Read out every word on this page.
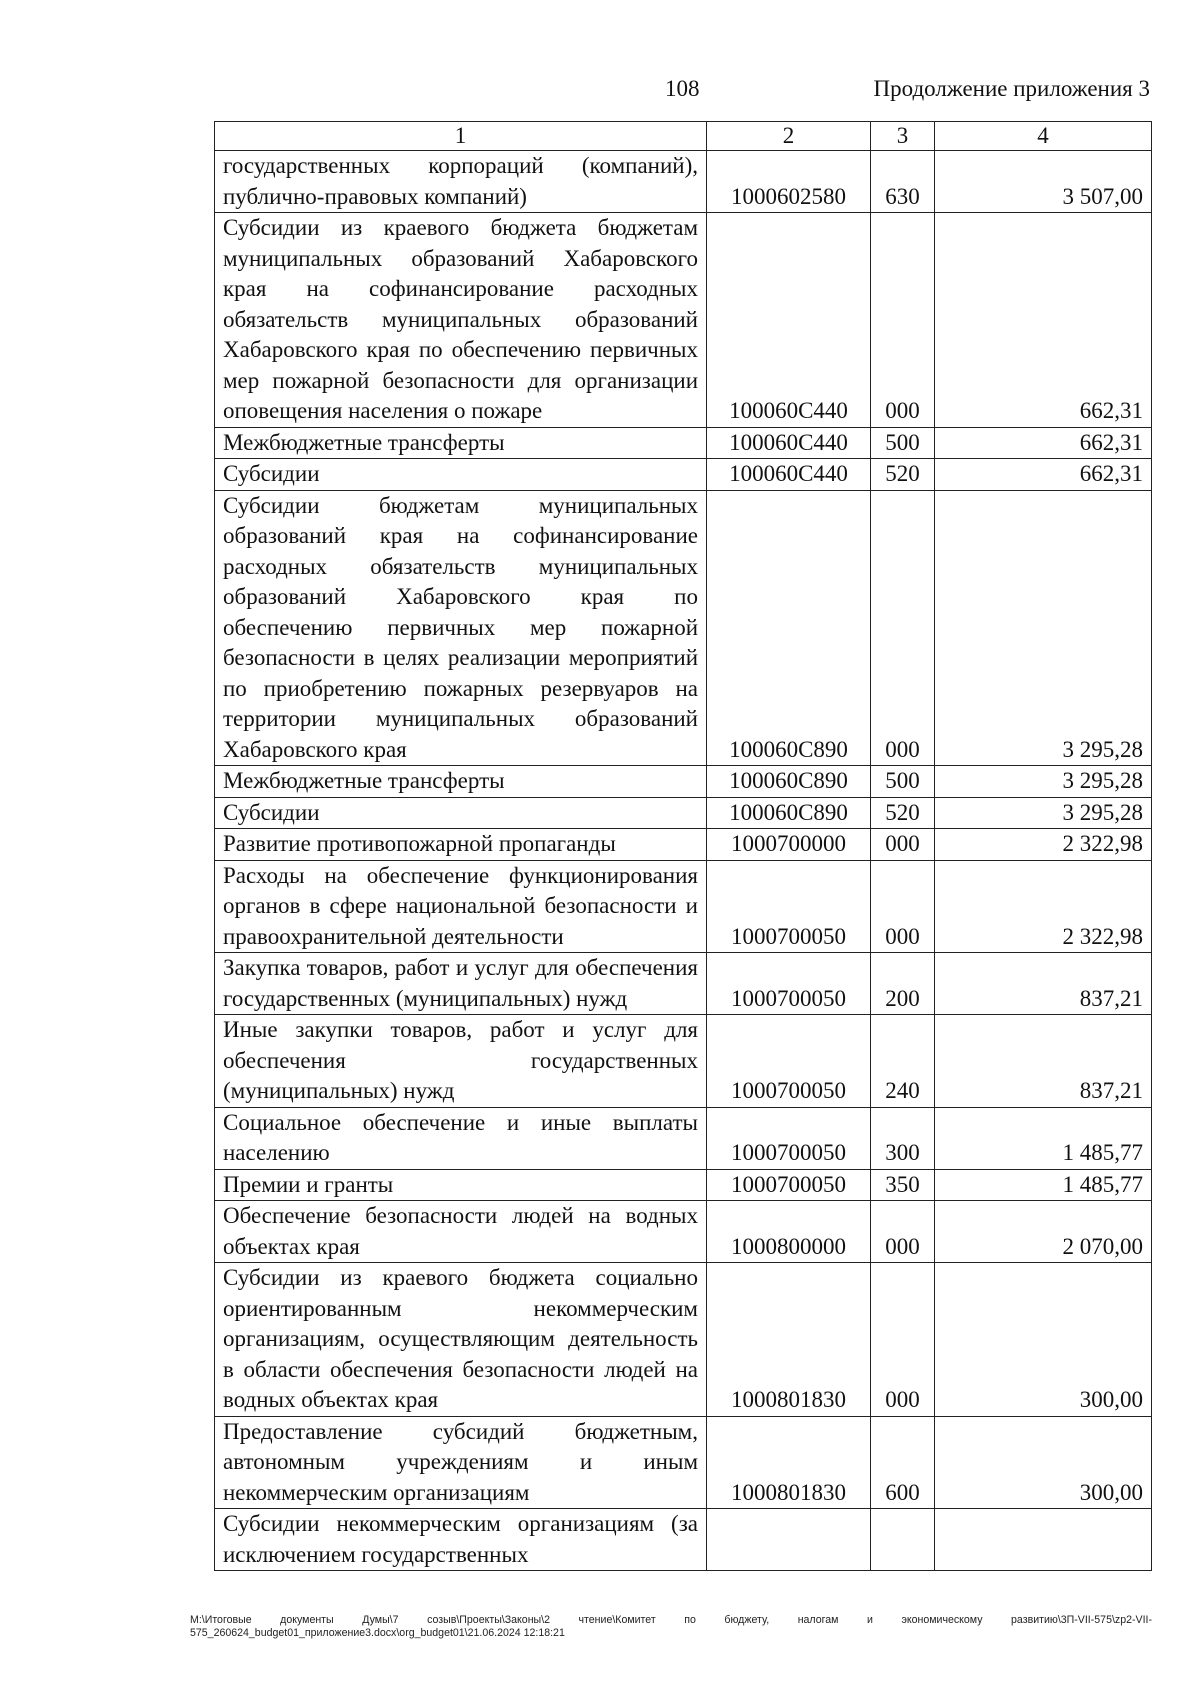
108	Продолжение приложения 3
1	2	3	4
государственных корпораций (компаний), публично-правовых компаний)	1000602580	630	3 507,00
Субсидии из краевого бюджета бюджетам муниципальных образований Хабаровского края на софинансирование расходных обязательств муниципальных образований Хабаровского края по обеспечению первичных мер пожарной безопасности для организации оповещения населения о пожаре	100060C440	000	662,31
Межбюджетные трансферты	100060C440	500	662,31
Субсидии	100060C440	520	662,31
Субсидии бюджетам муниципальных образований края на софинансирование расходных обязательств муниципальных образований Хабаровского края по обеспечению первичных мер пожарной безопасности в целях реализации мероприятий по приобретению пожарных резервуаров на территории муниципальных образований Хабаровского края	100060C890	000	3 295,28
Межбюджетные трансферты	100060C890	500	3 295,28
Субсидии	100060C890	520	3 295,28
Развитие противопожарной пропаганды	1000700000	000	2 322,98
Расходы на обеспечение функционирования органов в сфере национальной безопасности и правоохранительной деятельности	1000700050	000	2 322,98
Закупка товаров, работ и услуг для обеспечения государственных (муниципальных) нужд	1000700050	200	837,21
Иные закупки товаров, работ и услуг для обеспечения государственных (муниципальных) нужд	1000700050	240	837,21
Социальное обеспечение и иные выплаты населению	1000700050	300	1 485,77
Премии и гранты	1000700050	350	1 485,77
Обеспечение безопасности людей на водных объектах края	1000800000	000	2 070,00
Субсидии из краевого бюджета социально ориентированным некоммерческим организациям, осуществляющим деятельность в области обеспечения безопасности людей на водных объектах края	1000801830	000	300,00
Предоставление субсидий бюджетным, автономным учреждениям и иным некоммерческим организациям	1000801830	600	300,00
Субсидии некоммерческим организациям (за исключением государственных			
M:\Итоговые документы Думы\7 созыв\Проекты\Законы\2 чтение\Комитет по бюджету, налогам и экономическому развитию\3П-VII-575\zp2-VII-575_260624_budget01_приложение3.docx\org_budget01\21.06.2024 12:18:21
